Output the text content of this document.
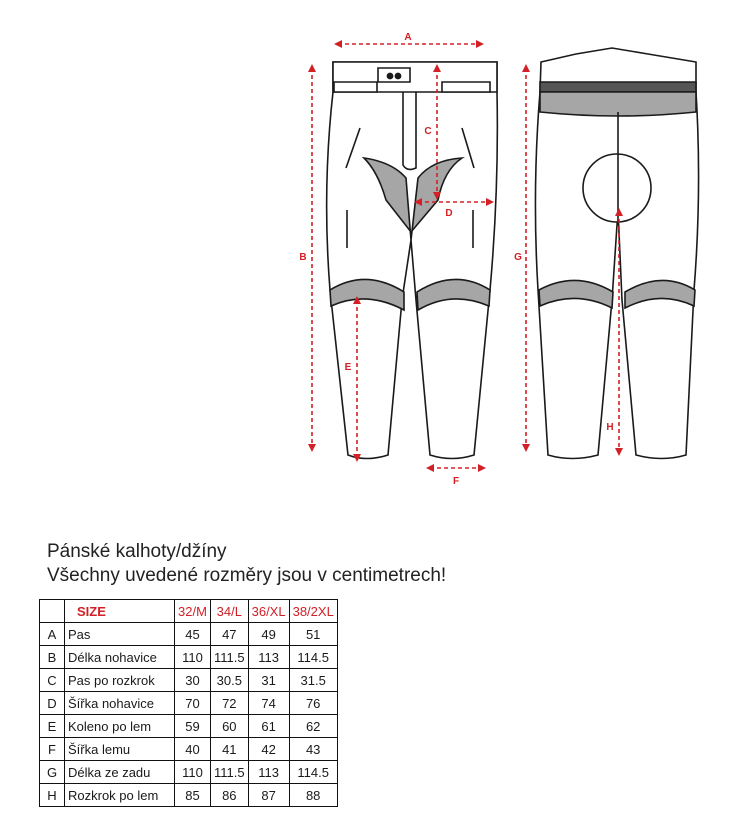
A
B
C
D
E
F
G
H
Pánské kalhoty/džíny
Všechny uvedené rozměry jsou v centimetrech!
	SIZE	32/M	34/L	36/XL	38/2XL
A	Pas	45	47	49	51
B	Délka nohavice	110	111.5	113	114.5
C	Pas po rozkrok	30	30.5	31	31.5
D	Šířka nohavice	70	72	74	76
E	Koleno po lem	59	60	61	62
F	Šířka lemu	40	41	42	43
G	Délka ze zadu	110	111.5	113	114.5
H	Rozkrok po lem	85	86	87	88
